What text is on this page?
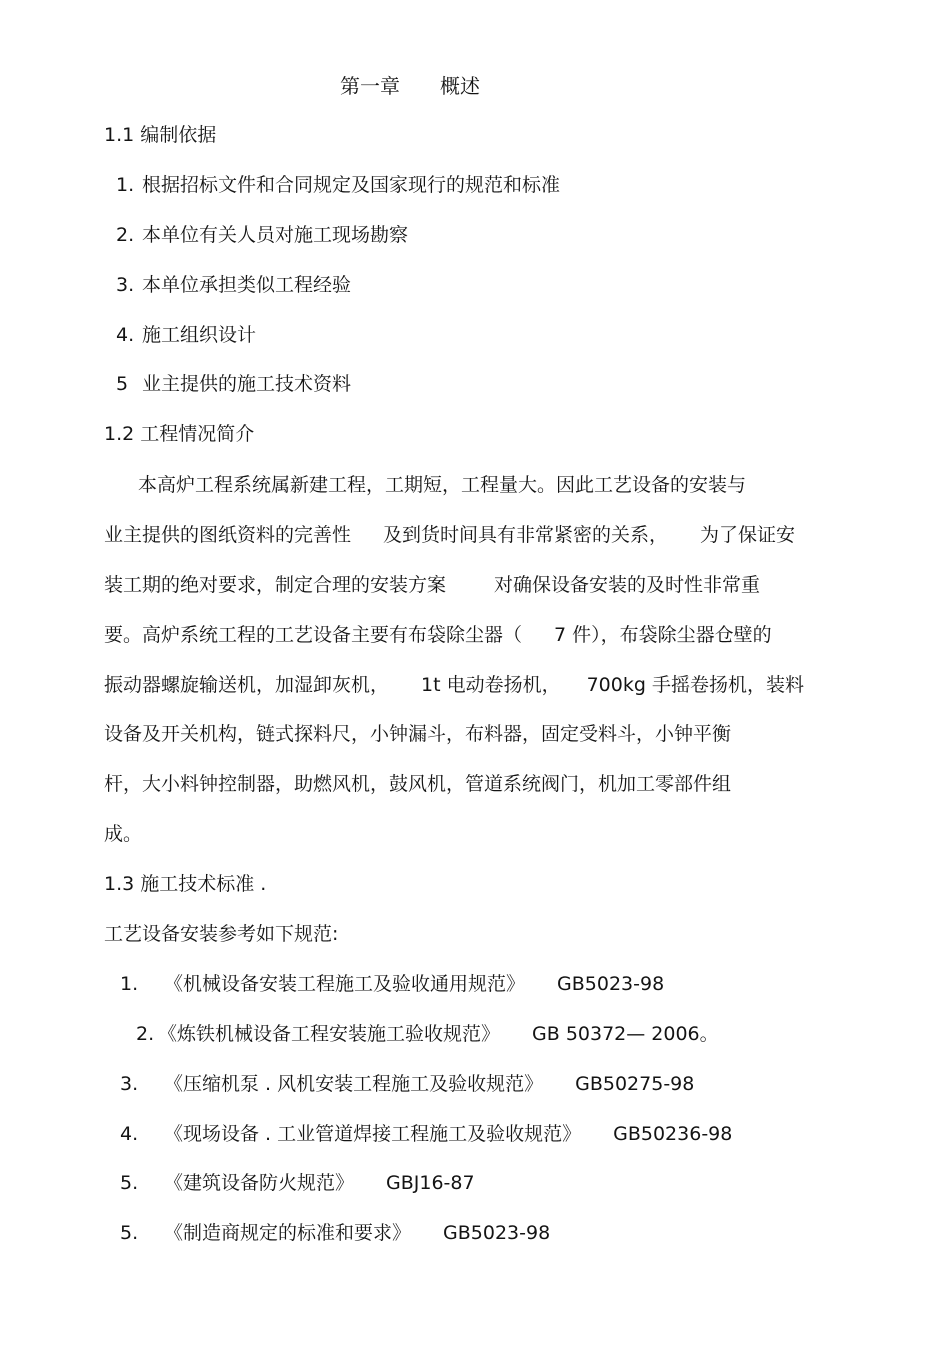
第一章 概述
1.1 编制依据
1. 根据招标文件和合同规定及国家现行的规范和标准
2. 本单位有关人员对施工现场勘察
3. 本单位承担类似工程经验
4. 施工组织设计
5 业主提供的施工技术资料
1.2 工程情况简介
本高炉工程系统属新建工程，工期短，工程量大。因此工艺设备的安装与
业主提供的图纸资料的完善性 及到货时间具有非常紧密的关系， 为了保证安
装工期的绝对要求，制定合理的安装方案	对确保设备安装的及时性非常重
要。高炉系统工程的工艺设备主要有布袋除尘器（ 7 件），布袋除尘器仓壁的
振动器螺旋输送机，加湿卸灰机， 1t 电动卷扬机， 700kg 手摇卷扬机，装料
设备及开关机构，链式探料尺，小钟漏斗，布料器，固定受料斗，小钟平衡
杆，大小料钟控制器，助燃风机，鼓风机，管道系统阀门，机加工零部件组
成。
1.3 施工技术标准 .
工艺设备安装参考如下规范:
1. 《机械设备安装工程施工及验收通用规范》 GB5023-98
2. 《炼铁机械设备工程安装施工验收规范》 GB 50372— 2006。
3. 《压缩机泵 . 风机安装工程施工及验收规范》 GB50275-98
4. 《现场设备 . 工业管道焊接工程施工及验收规范》 GB50236-98
5. 《建筑设备防火规范》 GBJ16-87
5. 《制造商规定的标准和要求》 GB5023-98
